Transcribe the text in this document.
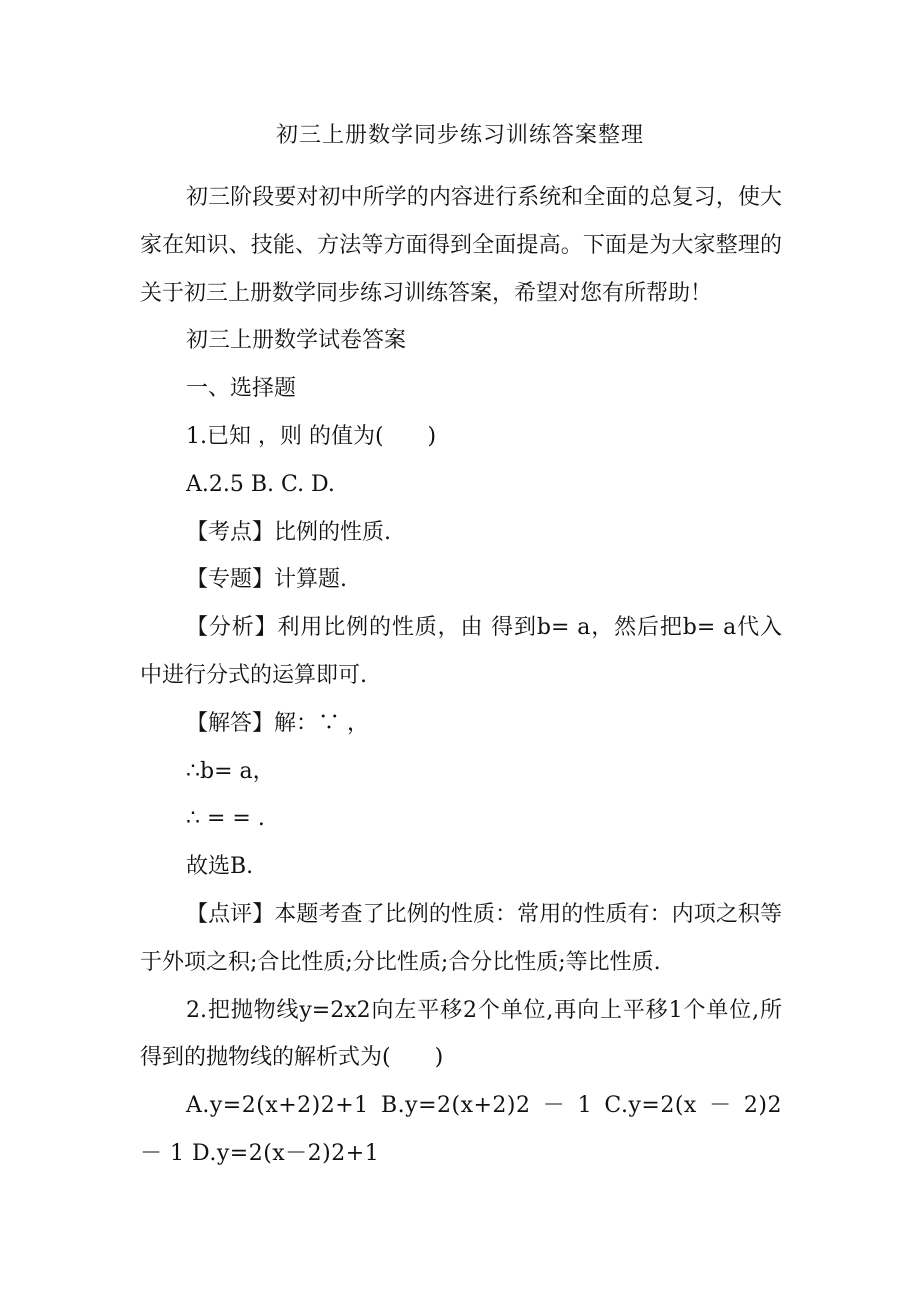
初三上册数学同步练习训练答案整理

初三阶段要对初中所学的内容进行系统和全面的总复习，使大家在知识、技能、方法等方面得到全面提高。下面是为大家整理的关于初三上册数学同步练习训练答案，希望对您有所帮助！

初三上册数学试卷答案

一、选择题

1.已知 ，则 的值为(　　)

A.2.5 B. C. D.

【考点】比例的性质.

【专题】计算题.

【分析】利用比例的性质，由 得到b= a，然后把b= a代入 中进行分式的运算即可.

【解答】解：∵ ，

∴b= a，

∴ = = .

故选B.

【点评】本题考查了比例的性质：常用的性质有：内项之积等于外项之积;合比性质;分比性质;合分比性质;等比性质.

2.把抛物线y=2x2向左平移2个单位,再向上平移1个单位,所得到的抛物线的解析式为(　　)

A.y=2(x+2)2+1 B.y=2(x+2)2 － 1 C.y=2(x － 2)2 － 1 D.y=2(x－2)2+1
